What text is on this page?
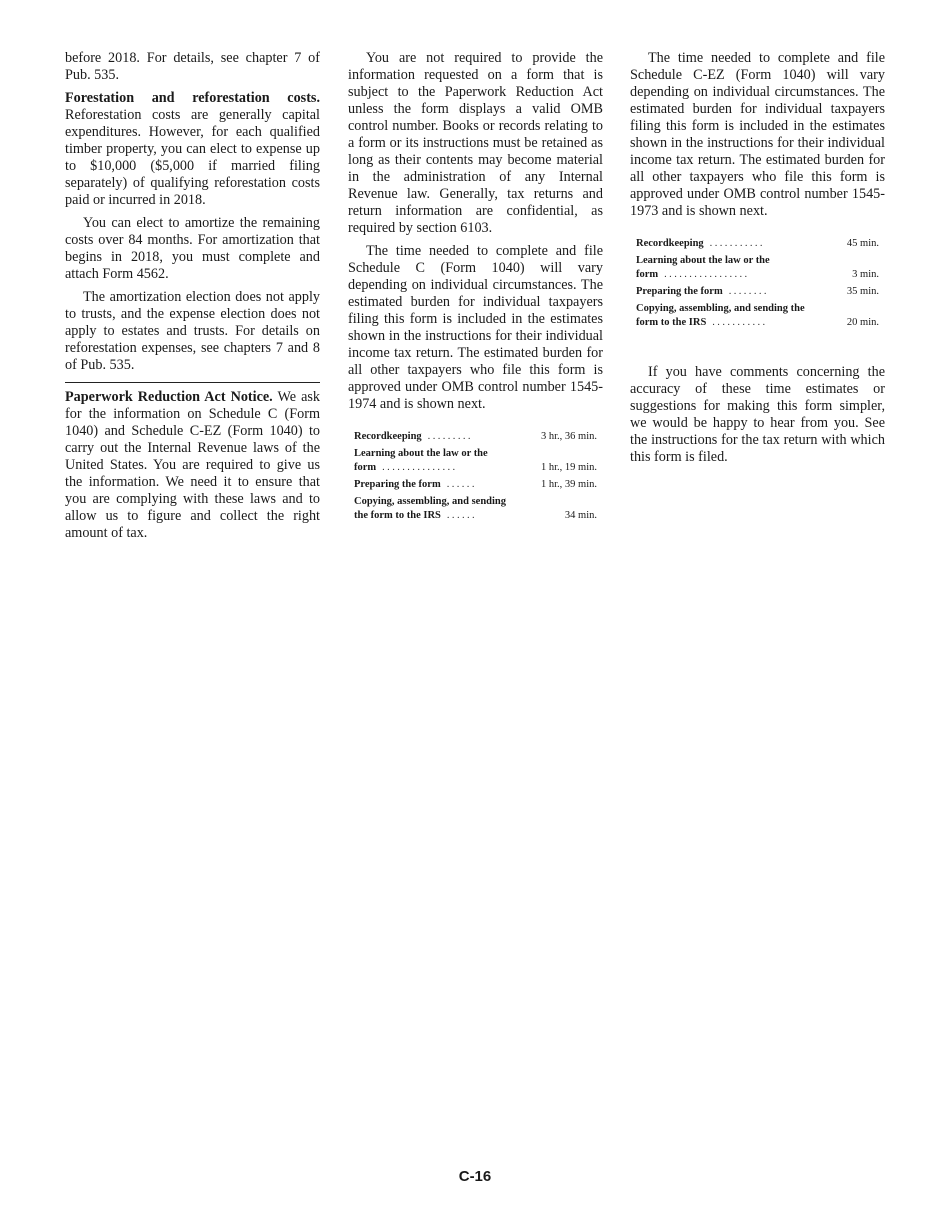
before 2018. For details, see chapter 7 of Pub. 535.

Forestation and reforestation costs. Reforestation costs are generally capital expenditures. However, for each qualified timber property, you can elect to expense up to $10,000 ($5,000 if married filing separately) of qualifying reforestation costs paid or incurred in 2018.

You can elect to amortize the remaining costs over 84 months. For amortization that begins in 2018, you must complete and attach Form 4562.

The amortization election does not apply to trusts, and the expense election does not apply to estates and trusts. For details on reforestation expenses, see chapters 7 and 8 of Pub. 535.

Paperwork Reduction Act Notice. We ask for the information on Schedule C (Form 1040) and Schedule C-EZ (Form 1040) to carry out the Internal Revenue laws of the United States. You are required to give us the information. We need it to ensure that you are complying with these laws and to allow us to figure and collect the right amount of tax.

You are not required to provide the information requested on a form that is subject to the Paperwork Reduction Act unless the form displays a valid OMB control number. Books or records relating to a form or its instructions must be retained as long as their contents may become material in the administration of any Internal Revenue law. Generally, tax returns and return information are confidential, as required by section 6103.

The time needed to complete and file Schedule C (Form 1040) will vary depending on individual circumstances. The estimated burden for individual taxpayers filing this form is included in the estimates shown in the instructions for their individual income tax return. The estimated burden for all other taxpayers who file this form is approved under OMB control number 1545-1974 and is shown next.

Recordkeeping .........	3 hr., 36 min.
Learning about the law or the	
form ...............	1 hr., 19 min.
Preparing the form ......	1 hr., 39 min.
Copying, assembling, and sending	
the form to the IRS ......	34 min.

The time needed to complete and file Schedule C-EZ (Form 1040) will vary depending on individual circumstances. The estimated burden for individual taxpayers filing this form is included in the estimates shown in the instructions for their individual income tax return. The estimated burden for all other taxpayers who file this form is approved under OMB control number 1545-1973 and is shown next.

Recordkeeping ...........	45 min.
Learning about the law or the	
form .................	3 min.
Preparing the form ........	35 min.
Copying, assembling, and sending the	
form to the IRS ...........	20 min.

If you have comments concerning the accuracy of these time estimates or suggestions for making this form simpler, we would be happy to hear from you. See the instructions for the tax return with which this form is filed.

C-16
